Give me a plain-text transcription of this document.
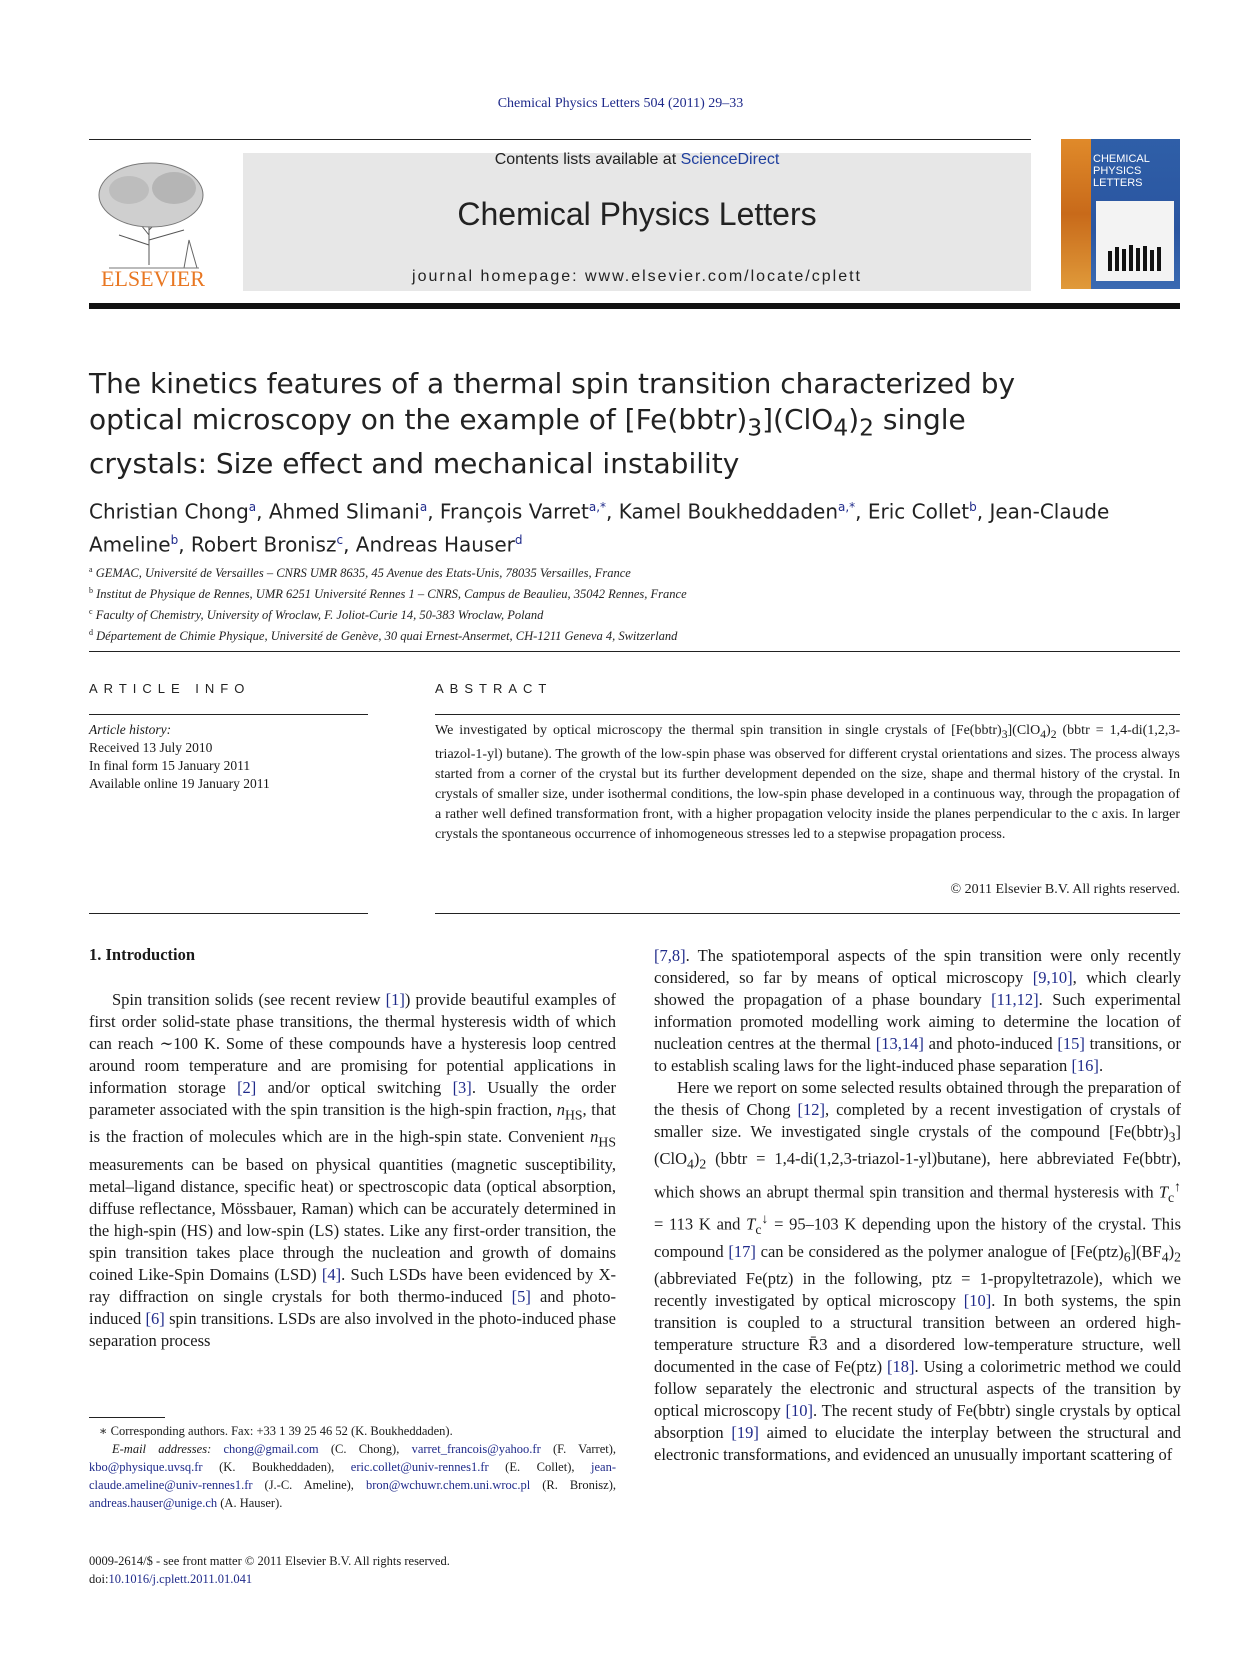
Chemical Physics Letters 504 (2011) 29–33
ELSEVIER
Contents lists available at ScienceDirect
Chemical Physics Letters
journal homepage: www.elsevier.com/locate/cplett
CHEMICAL PHYSICS LETTERS
The kinetics features of a thermal spin transition characterized by optical microscopy on the example of $[Fe(bbtr)_3](ClO_4)_2$ single crystals: Size effect and mechanical instability
Christian Chong$^a$, Ahmed Slimani$^a$, François Varret$^{a,*}$, Kamel Boukheddaden$^{a,*}$, Eric Collet$^b$, Jean-Claude Ameline$^b$, Robert Bronisz$^c$, Andreas Hauser$^d$
$^a$ GEMAC, Université de Versailles – CNRS UMR 8635, 45 Avenue des Etats-Unis, 78035 Versailles, France
$^b$ Institut de Physique de Rennes, UMR 6251 Université Rennes 1 – CNRS, Campus de Beaulieu, 35042 Rennes, France
$^c$ Faculty of Chemistry, University of Wroclaw, F. Joliot-Curie 14, 50-383 Wroclaw, Poland
$^d$ Département de Chimie Physique, Université de Genève, 30 quai Ernest-Ansermet, CH-1211 Geneva 4, Switzerland
ARTICLE INFO	ABSTRACT
Article history:
Received 13 July 2010
In final form 15 January 2011
Available online 19 January 2011
We investigated by optical microscopy the thermal spin transition in single crystals of $[Fe(bbtr)_3](ClO_4)_2$ (bbtr = 1,4-di(1,2,3-triazol-1-yl) butane). The growth of the low-spin phase was observed for different crystal orientations and sizes. The process always started from a corner of the crystal but its further development depended on the size, shape and thermal history of the crystal. In crystals of smaller size, under isothermal conditions, the low-spin phase developed in a continuous way, through the propagation of a rather well defined transformation front, with a higher propagation velocity inside the planes perpendicular to the c axis. In larger crystals the spontaneous occurrence of inhomogeneous stresses led to a stepwise propagation process.
© 2011 Elsevier B.V. All rights reserved.
1. Introduction

Spin transition solids (see recent review [1]) provide beautiful examples of first order solid-state phase transitions, the thermal hysteresis width of which can reach ∼100 K. Some of these compounds have a hysteresis loop centred around room temperature and are promising for potential applications in information storage [2] and/or optical switching [3]. Usually the order parameter associated with the spin transition is the high-spin fraction, $n_{HS}$, that is the fraction of molecules which are in the high-spin state. Convenient $n_{HS}$ measurements can be based on physical quantities (magnetic susceptibility, metal–ligand distance, specific heat) or spectroscopic data (optical absorption, diffuse reflectance, Mössbauer, Raman) which can be accurately determined in the high-spin (HS) and low-spin (LS) states. Like any first-order transition, the spin transition takes place through the nucleation and growth of domains coined Like-Spin Domains (LSD) [4]. Such LSDs have been evidenced by X-ray diffraction on single crystals for both thermo-induced [5] and photo-induced [6] spin transitions. LSDs are also involved in the photo-induced phase separation process

[7,8]. The spatiotemporal aspects of the spin transition were only recently considered, so far by means of optical microscopy [9,10], which clearly showed the propagation of a phase boundary [11,12]. Such experimental information promoted modelling work aiming to determine the location of nucleation centres at the thermal [13,14] and photo-induced [15] transitions, or to establish scaling laws for the light-induced phase separation [16].

Here we report on some selected results obtained through the preparation of the thesis of Chong [12], completed by a recent investigation of crystals of smaller size. We investigated single crystals of the compound $[Fe(bbtr)_3](ClO_4)_2$ (bbtr = 1,4-di(1,2,3-triazol-1-yl)butane), here abbreviated Fe(bbtr), which shows an abrupt thermal spin transition and thermal hysteresis with $T_c^↑ = 113$ K and $T_c^↓ = 95-103$ K depending upon the history of the crystal. This compound [17] can be considered as the polymer analogue of $[Fe(ptz)_6](BF_4)_2$ (abbreviated Fe(ptz) in the following, ptz = 1-propyltetrazole), which we recently investigated by optical microscopy [10]. In both systems, the spin transition is coupled to a structural transition between an ordered high-temperature structure R̄3 and a disordered low-temperature structure, well documented in the case of Fe(ptz) [18]. Using a colorimetric method we could follow separately the electronic and structural aspects of the transition by optical microscopy [10]. The recent study of Fe(bbtr) single crystals by optical absorption [19] aimed to elucidate the interplay between the structural and electronic transformations, and evidenced an unusually important scattering of

∗ Corresponding authors. Fax: +33 1 39 25 46 52 (K. Boukheddaden).
E-mail addresses: chong@gmail.com (C. Chong), varret_francois@yahoo.fr (F. Varret), kbo@physique.uvsq.fr (K. Boukheddaden), eric.collet@univ-rennes1.fr (E. Collet), jean-claude.ameline@univ-rennes1.fr (J.-C. Ameline), bron@wchuwr.chem.uni.wroc.pl (R. Bronisz), andreas.hauser@unige.ch (A. Hauser).
0009-2614/$ - see front matter © 2011 Elsevier B.V. All rights reserved.
doi:10.1016/j.cplett.2011.01.041
